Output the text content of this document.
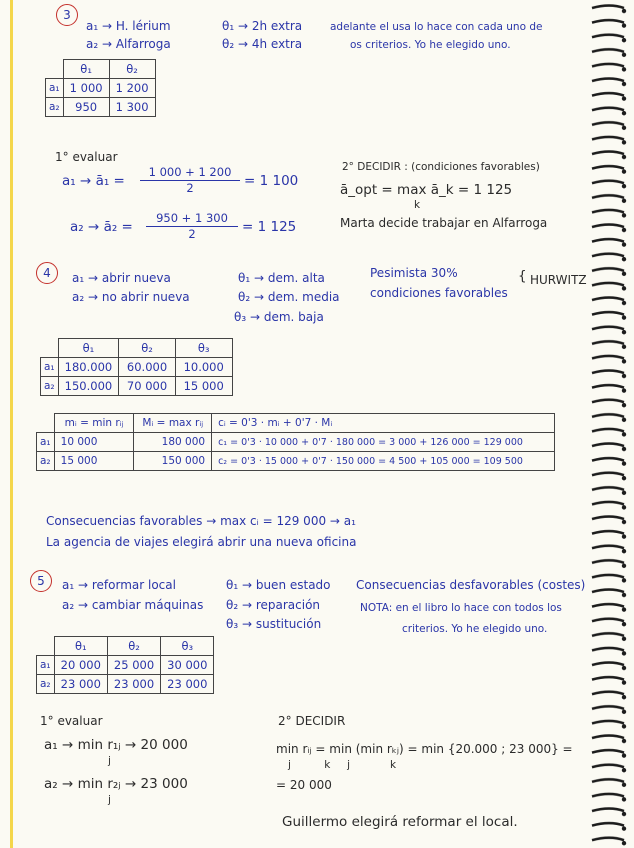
3
a₁ → H. lérium
a₂ → Alfarroga
θ₁ → 2h extra
θ₂ → 4h extra
adelante el usa lo hace con cada uno de
os criterios. Yo he elegido uno.
	θ₁	θ₂
a₁	1 000	1 200
a₂	950	1 300
1° evaluar
a₁ → ā₁ =
1 000 + 1 200
2	= 1 100
a₂ → ā₂ =
950 + 1 300
2	= 1 125
2° DECIDIR : (condiciones favorables)
ā_opt = max ā_k = 1 125
k
Marta decide trabajar en Alfarroga
4	a₁ → abrir nueva
a₂ → no abrir nueva
θ₁ → dem. alta
θ₂ → dem. media
θ₃ → dem. baja
Pesimista 30%
condiciones favorables
{ HURWITZ
	θ₁	θ₂	θ₃
a₁	180.000	60.000	10.000
a₂	150.000	70 000	15 000
	mᵢ = min rᵢⱼ	Mᵢ = max rᵢⱼ	cᵢ = 0'3 · mᵢ + 0'7 · Mᵢ
a₁	10 000	180 000	c₁ = 0'3 · 10 000 + 0'7 · 180 000 = 3 000 + 126 000 = 129 000
a₂	15 000	150 000	c₂ = 0'3 · 15 000 + 0'7 · 150 000 = 4 500 + 105 000 = 109 500
Consecuencias favorables → max cᵢ = 129 000 → a₁
La agencia de viajes elegirá abrir una nueva oficina
5	a₁ → reformar local
a₂ → cambiar máquinas
θ₁ → buen estado
θ₂ → reparación
θ₃ → sustitución
Consecuencias desfavorables (costes)
NOTA: en el libro lo hace con todos los
criterios. Yo he elegido uno.
	θ₁	θ₂	θ₃
a₁	20 000	25 000	30 000
a₂	23 000	23 000	23 000
1° evaluar
a₁ → min r₁ⱼ → 20 000
j
a₂ → min r₂ⱼ → 23 000
j
2° DECIDIR
min rᵢⱼ = min (min rₖⱼ) = min {20.000 ; 23 000} =
j          k     j            k
= 20 000
Guillermo elegirá reformar el local.
